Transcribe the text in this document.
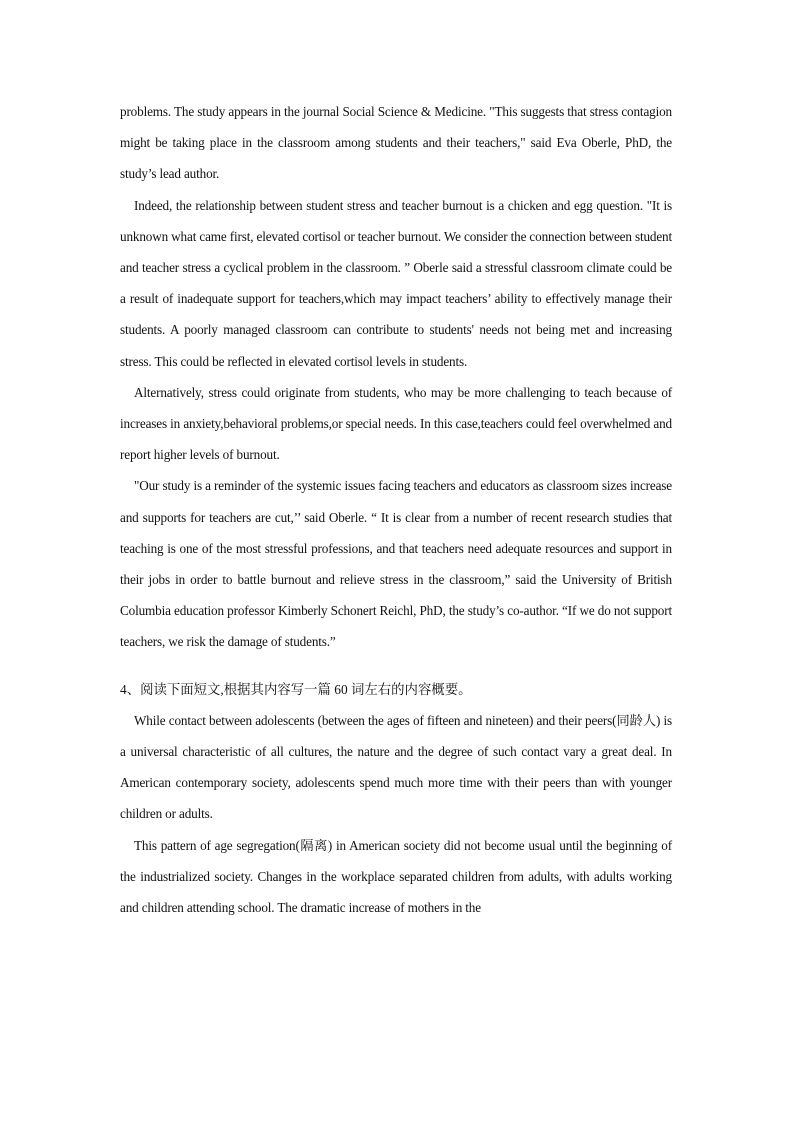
problems. The study appears in the journal Social Science & Medicine. "This suggests that stress contagion might be taking place in the classroom among students and their teachers," said Eva Oberle, PhD, the study’s lead author.

Indeed, the relationship between student stress and teacher burnout is a chicken and egg question. "It is unknown what came first, elevated cortisol or teacher burnout. We consider the connection between student and teacher stress a cyclical problem in the classroom. ” Oberle said a stressful classroom climate could be a result of inadequate support for teachers,which may impact teachers’ ability to effectively manage their students. A poorly managed classroom can contribute to students' needs not being met and increasing stress. This could be reflected in elevated cortisol levels in students.

Alternatively, stress could originate from students, who may be more challenging to teach because of increases in anxiety,behavioral problems,or special needs. In this case,teachers could feel overwhelmed and report higher levels of burnout.

"Our study is a reminder of the systemic issues facing teachers and educators as classroom sizes increase and supports for teachers are cut,’’ said Oberle. “ It is clear from a number of recent research studies that teaching is one of the most stressful professions, and that teachers need adequate resources and support in their jobs in order to battle burnout and relieve stress in the classroom,” said the University of British Columbia education professor Kimberly Schonert Reichl, PhD, the study’s co-author. “If we do not support teachers, we risk the damage of students.”

4、阅读下面短文,根据其内容写一篇 60 词左右的内容概要。

While contact between adolescents (between the ages of fifteen and nineteen) and their peers(同龄人) is a universal characteristic of all cultures, the nature and the degree of such contact vary a great deal. In American contemporary society, adolescents spend much more time with their peers than with younger children or adults.

This pattern of age segregation(隔离) in American society did not become usual until the beginning of the industrialized society. Changes in the workplace separated children from adults, with adults working and children attending school. The dramatic increase of mothers in the
